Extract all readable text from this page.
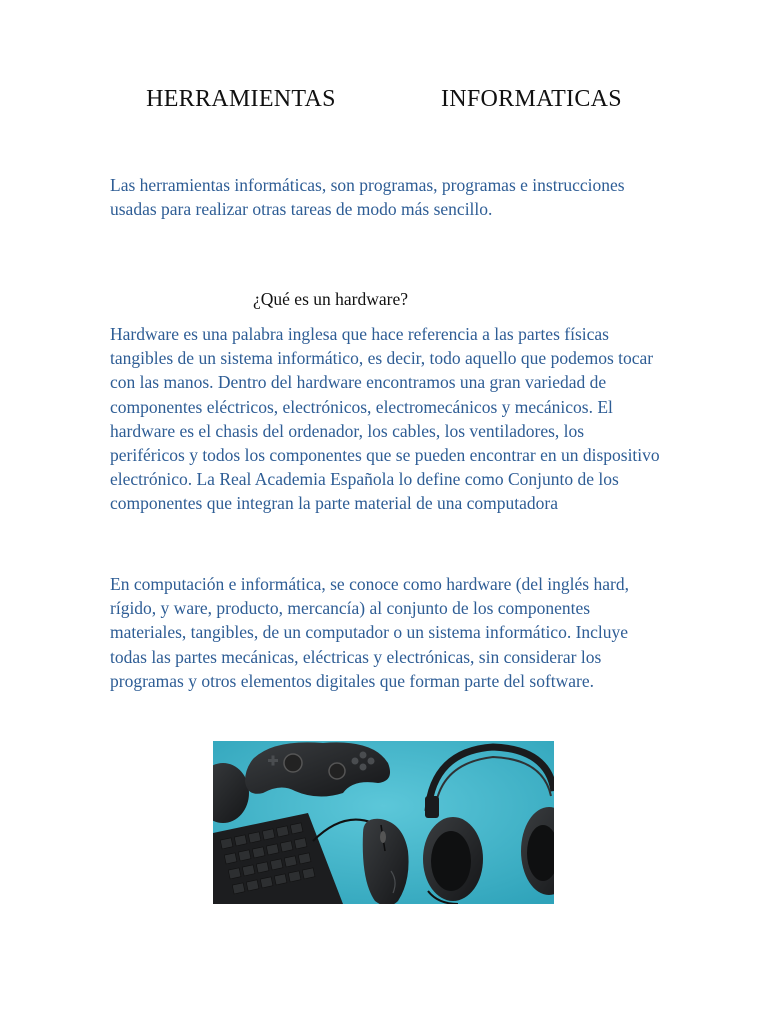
HERRAMIENTAS    INFORMATICAS

Las herramientas informáticas, son programas, programas e instrucciones usadas para realizar otras tareas de modo más sencillo.

¿Qué es un hardware?

Hardware es una palabra inglesa que hace referencia a las partes físicas tangibles de un sistema informático, es decir, todo aquello que podemos tocar con las manos. Dentro del hardware encontramos una gran variedad de componentes eléctricos, electrónicos, electromecánicos y mecánicos. El hardware es el chasis del ordenador, los cables, los ventiladores, los periféricos y todos los componentes que se pueden encontrar en un dispositivo electrónico. La Real Academia Española lo define como Conjunto de los componentes que integran la parte material de una computadora

En computación e informática, se conoce como hardware (del inglés hard, rígido, y ware, producto, mercancía) al conjunto de los componentes materiales, tangibles, de un computador o un sistema informático. Incluye todas las partes mecánicas, eléctricas y electrónicas, sin considerar los programas y otros elementos digitales que forman parte del software.
